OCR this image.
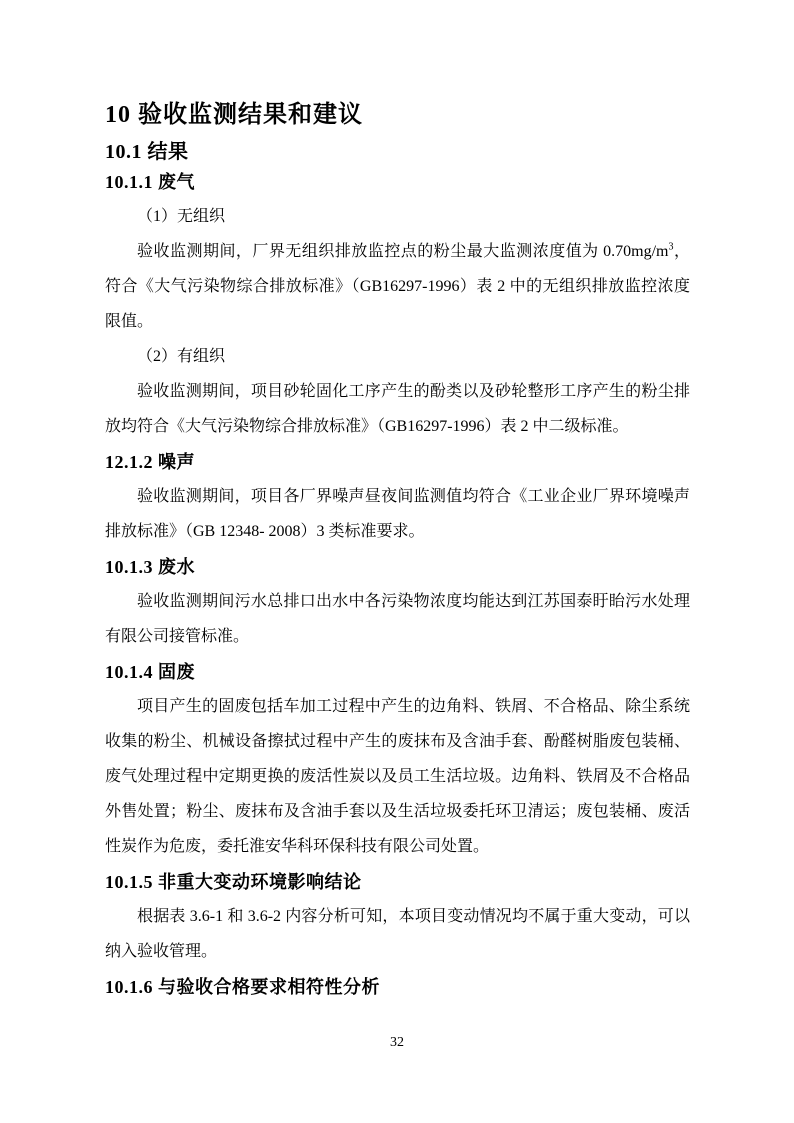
10 验收监测结果和建议
10.1 结果
10.1.1 废气

（1）无组织

验收监测期间，厂界无组织排放监控点的粉尘最大监测浓度值为 $0.70mg/m^3$，符合《大气污染物综合排放标准》（GB16297-1996）表 2 中的无组织排放监控浓度限值。

（2）有组织

验收监测期间，项目砂轮固化工序产生的酚类以及砂轮整形工序产生的粉尘排放均符合《大气污染物综合排放标准》（GB16297-1996）表 2 中二级标准。

12.1.2 噪声

验收监测期间，项目各厂界噪声昼夜间监测值均符合《工业企业厂界环境噪声排放标准》（GB 12348- 2008）3 类标准要求。

10.1.3 废水

验收监测期间污水总排口出水中各污染物浓度均能达到江苏国泰盱眙污水处理有限公司接管标准。

10.1.4 固废

项目产生的固废包括车加工过程中产生的边角料、铁屑、不合格品、除尘系统收集的粉尘、机械设备擦拭过程中产生的废抹布及含油手套、酚醛树脂废包装桶、废气处理过程中定期更换的废活性炭以及员工生活垃圾。边角料、铁屑及不合格品外售处置；粉尘、废抹布及含油手套以及生活垃圾委托环卫清运；废包装桶、废活性炭作为危废，委托淮安华科环保科技有限公司处置。

10.1.5 非重大变动环境影响结论

根据表 3.6-1 和 3.6-2 内容分析可知，本项目变动情况均不属于重大变动，可以纳入验收管理。

10.1.6 与验收合格要求相符性分析
32
